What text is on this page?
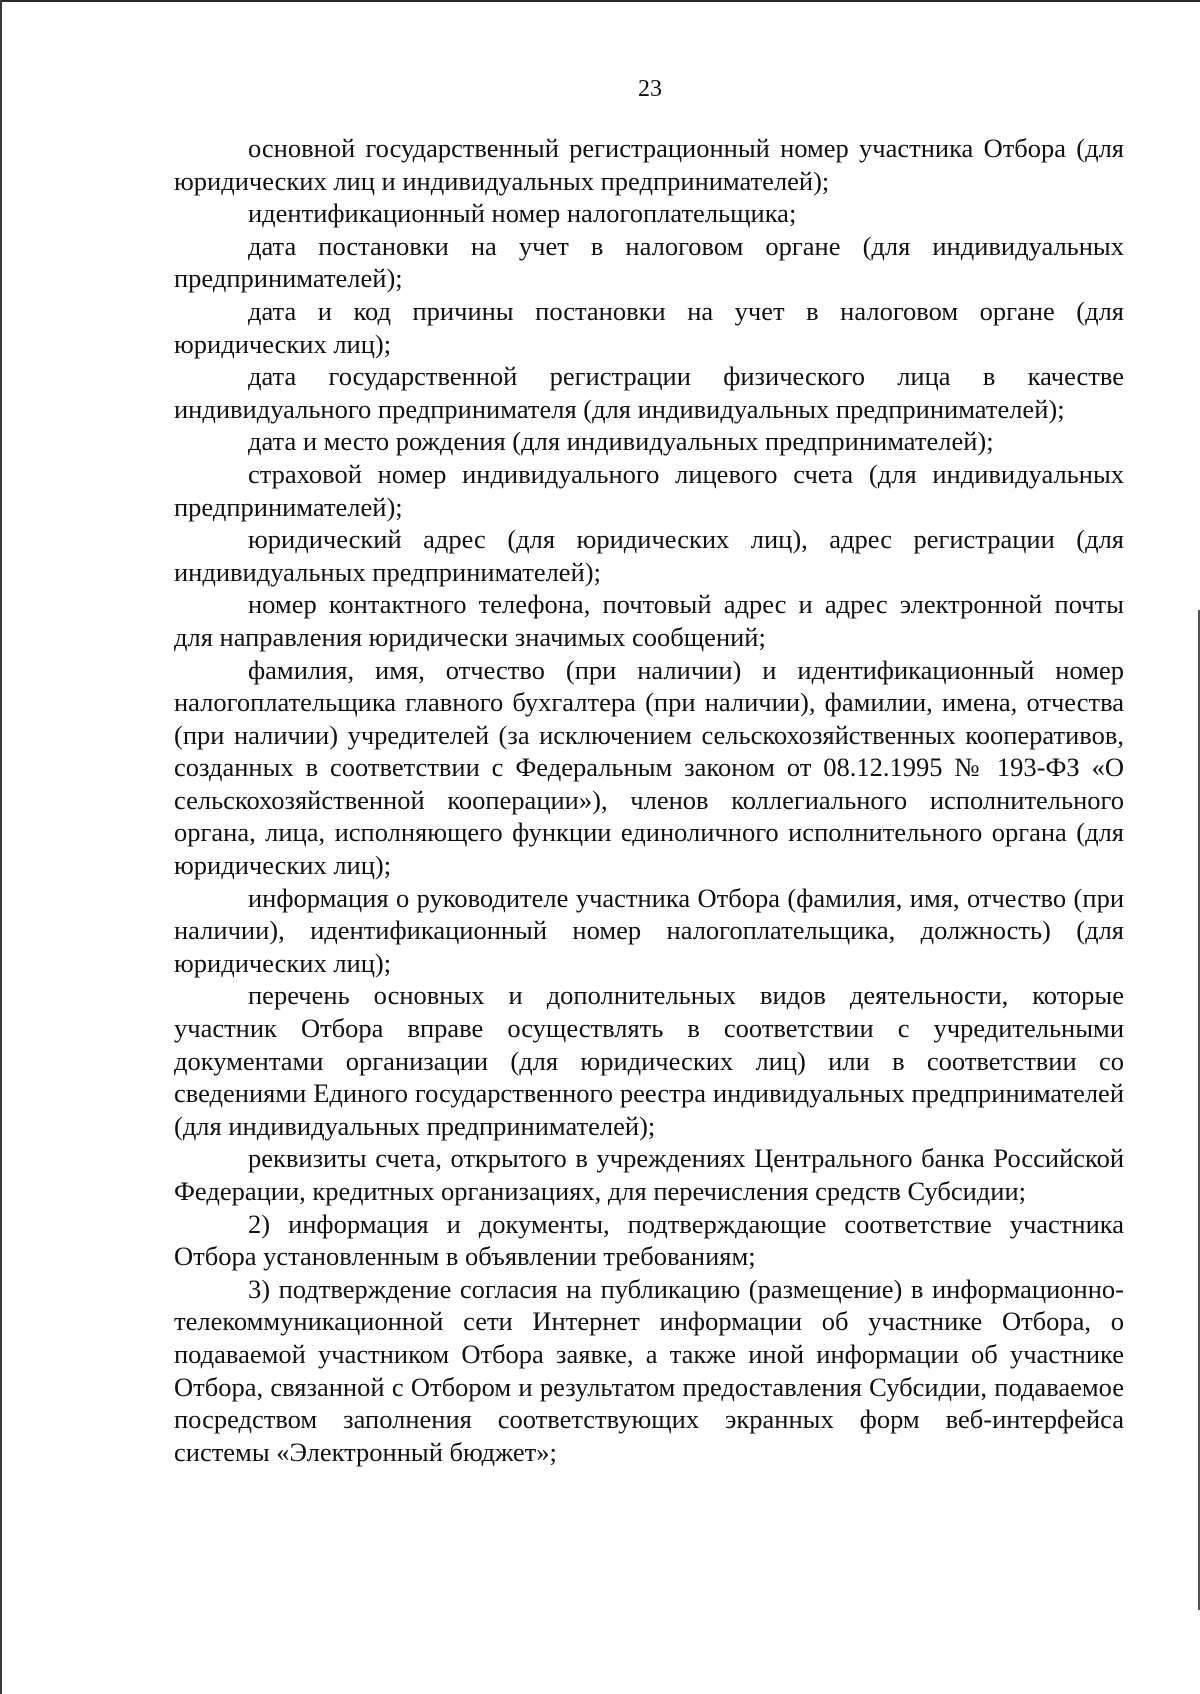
23

основной государственный регистрационный номер участника Отбора (для юридических лиц и индивидуальных предпринимателей);

идентификационный номер налогоплательщика;

дата постановки на учет в налоговом органе (для индивидуальных предпринимателей);

дата и код причины постановки на учет в налоговом органе (для юридических лиц);

дата государственной регистрации физического лица в качестве индивидуального предпринимателя (для индивидуальных предпринимателей);

дата и место рождения (для индивидуальных предпринимателей);

страховой номер индивидуального лицевого счета (для индивидуальных предпринимателей);

юридический адрес (для юридических лиц), адрес регистрации (для индивидуальных предпринимателей);

номер контактного телефона, почтовый адрес и адрес электронной почты для направления юридически значимых сообщений;

фамилия, имя, отчество (при наличии) и идентификационный номер налогоплательщика главного бухгалтера (при наличии), фамилии, имена, отчества (при наличии) учредителей (за исключением сельскохозяйственных кооперативов, созданных в соответствии с Федеральным законом от 08.12.1995 № 193-ФЗ «О сельскохозяйственной кооперации»), членов коллегиального исполнительного органа, лица, исполняющего функции единоличного исполнительного органа (для юридических лиц);

информация о руководителе участника Отбора (фамилия, имя, отчество (при наличии), идентификационный номер налогоплательщика, должность) (для юридических лиц);

перечень основных и дополнительных видов деятельности, которые участник Отбора вправе осуществлять в соответствии с учредительными документами организации (для юридических лиц) или в соответствии со сведениями Единого государственного реестра индивидуальных предпринимателей (для индивидуальных предпринимателей);

реквизиты счета, открытого в учреждениях Центрального банка Российской Федерации, кредитных организациях, для перечисления средств Субсидии;

2) информация и документы, подтверждающие соответствие участника Отбора установленным в объявлении требованиям;

3) подтверждение согласия на публикацию (размещение) в информационно-телекоммуникационной сети Интернет информации об участнике Отбора, о подаваемой участником Отбора заявке, а также иной информации об участнике Отбора, связанной с Отбором и результатом предоставления Субсидии, подаваемое посредством заполнения соответствующих экранных форм веб-интерфейса системы «Электронный бюджет»;
